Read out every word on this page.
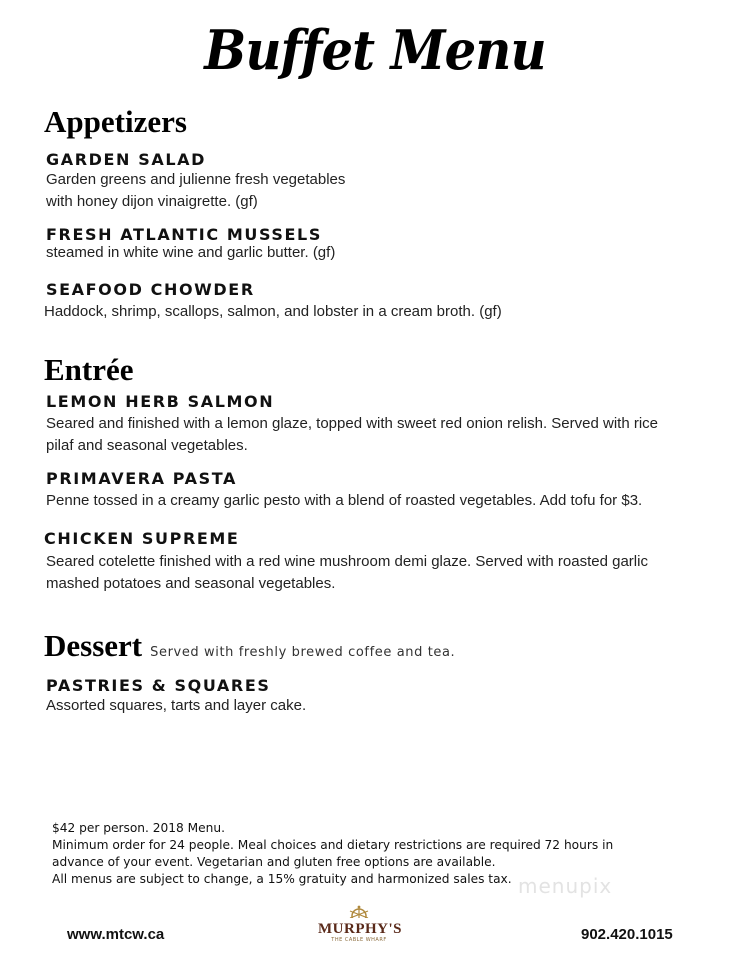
Buffet Menu
Appetizers
GARDEN SALAD
Garden greens and julienne fresh vegetables
with honey dijon vinaigrette. (gf)
FRESH ATLANTIC MUSSELS
steamed in white wine and garlic butter. (gf)
SEAFOOD CHOWDER
Haddock, shrimp, scallops, salmon, and lobster in a cream broth. (gf)
Entrée
LEMON HERB SALMON
Seared and finished with a lemon glaze, topped with sweet red onion relish. Served with rice
pilaf and seasonal vegetables.
PRIMAVERA PASTA
Penne tossed in a creamy garlic pesto with a blend of roasted vegetables. Add tofu for $3.
CHICKEN SUPREME
Seared cotelette finished with a red wine mushroom demi glaze. Served with roasted garlic
mashed potatoes and seasonal vegetables.
Dessert Served with freshly brewed coffee and tea.
PASTRIES & SQUARES
Assorted squares, tarts and layer cake.
$42 per person. 2018 Menu.
Minimum order for 24 people. Meal choices and dietary restrictions are required 72 hours in
advance of your event. Vegetarian and gluten free options are available.
All menus are subject to change, a 15% gratuity and harmonized sales tax. menupix
www.mtcw.ca	MURPHY'S
THE CABLE WHARF	902.420.1015
